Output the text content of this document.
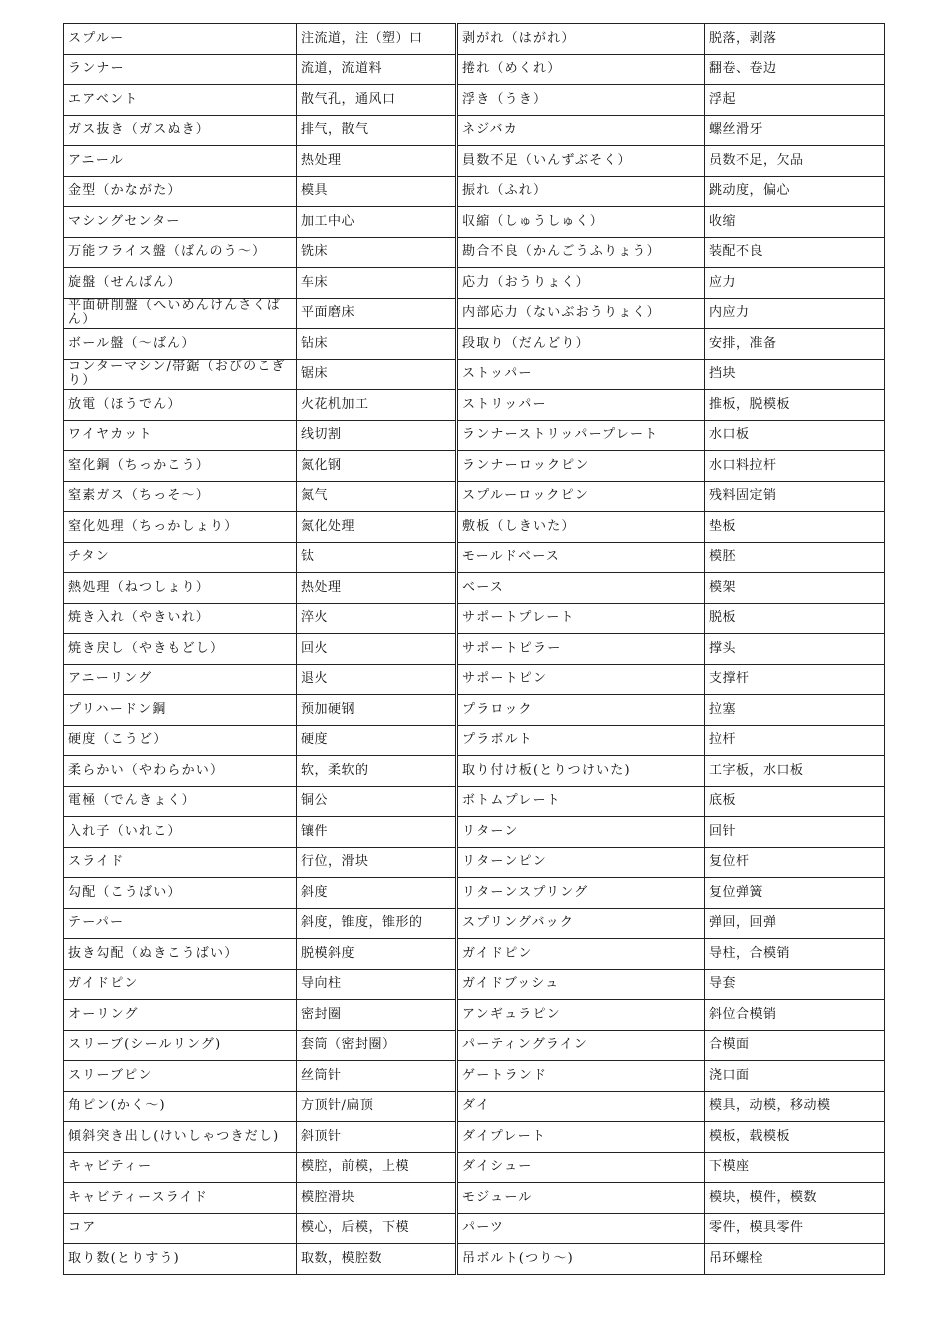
スプルー	注流道，注（塑）口	剥がれ（はがれ）	脱落，剥落
ランナー	流道，流道料	捲れ（めくれ）	翻卷、卷边
エアベント	散气孔，通风口	浮き（うき）	浮起
ガス抜き（ガスぬき）	排气，散气	ネジバカ	螺丝滑牙
アニール	热处理	員数不足（いんずぶそく）	员数不足，欠品
金型（かながた）	模具	振れ（ふれ）	跳动度，偏心
マシングセンター	加工中心	収縮（しゅうしゅく）	收缩
万能フライス盤（ばんのう～）	铣床	勘合不良（かんごうふりょう）	装配不良
旋盤（せんばん）	车床	応力（おうりょく）	应力
平面研削盤（へいめんけんさくばん）	平面磨床	内部応力（ないぶおうりょく）	内应力
ボール盤（～ばん）	钻床	段取り（だんどり）	安排，准备
コンターマシン/帯鋸（おびのこぎり）	锯床	ストッパー	挡块
放電（ほうでん）	火花机加工	ストリッパー	推板，脱模板
ワイヤカット	线切割	ランナーストリッパープレート	水口板
窒化鋼（ちっかこう）	氮化钢	ランナーロックピン	水口料拉杆
窒素ガス（ちっそ～）	氮气	スプルーロックピン	残料固定销
窒化処理（ちっかしょり）	氮化处理	敷板（しきいた）	垫板
チタン	钛	モールドベース	模胚
熱処理（ねつしょり）	热处理	ベース	模架
焼き入れ（やきいれ）	淬火	サポートプレート	脱板
焼き戻し（やきもどし）	回火	サポートピラー	撑头
アニーリング	退火	サポートピン	支撑杆
プリハードン鋼	预加硬钢	プラロック	拉塞
硬度（こうど）	硬度	プラボルト	拉杆
柔らかい（やわらかい）	软，柔软的	取り付け板(とりつけいた)	工字板，水口板
電極（でんきょく）	铜公	ボトムプレート	底板
入れ子（いれこ）	镶件	リターン	回针
スライド	行位，滑块	リターンピン	复位杆
勾配（こうばい）	斜度	リターンスプリング	复位弹簧
テーパー	斜度，锥度，锥形的	スプリングバック	弹回，回弹
抜き勾配（ぬきこうばい）	脱模斜度	ガイドピン	导柱，合模销
ガイドピン	导向柱	ガイドブッシュ	导套
オーリング	密封圈	アンギュラピン	斜位合模销
スリーブ(シールリング)	套筒（密封圈）	パーティングライン	合模面
スリーブピン	丝筒针	ゲートランド	浇口面
角ピン(かく～)	方顶针/扁顶	ダイ	模具，动模，移动模
傾斜突き出し(けいしゃつきだし)	斜顶针	ダイプレート	模板，载模板
キャビティー	模腔，前模，上模	ダイシュー	下模座
キャビティースライド	模腔滑块	モジュール	模块，模件，模数
コア	模心，后模，下模	パーツ	零件，模具零件
取り数(とりすう)	取数，模腔数	吊ボルト(つり～)	吊环螺栓
